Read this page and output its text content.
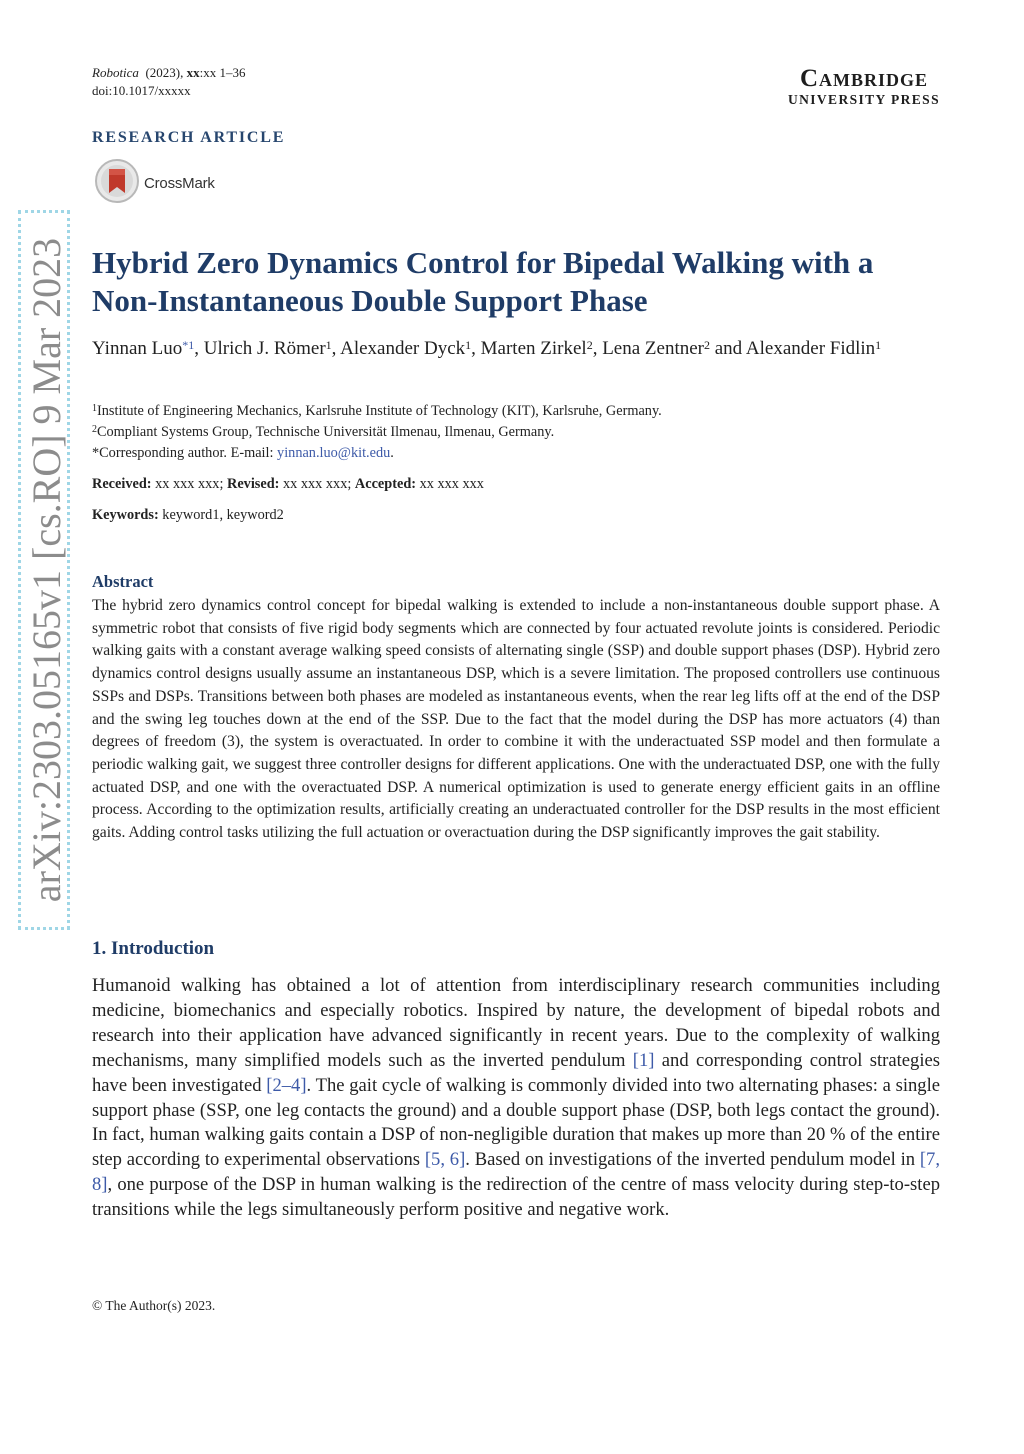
Robotica (2023), xx:xx 1–36
doi:10.1017/xxxxx	Cambridge
UNIVERSITY PRESS
RESEARCH ARTICLE
CrossMark
arXiv:2303.05165v1 [cs.RO] 9 Mar 2023 Hybrid Zero Dynamics Control for Bipedal Walking with a Non-Instantaneous Double Support Phase
Yinnan Luo$^{*1}$, Ulrich J. Römer$^1$, Alexander Dyck$^1$, Marten Zirkel$^2$, Lena Zentner$^2$ and Alexander Fidlin$^1$
$^1$Institute of Engineering Mechanics, Karlsruhe Institute of Technology (KIT), Karlsruhe, Germany.
$^2$Compliant Systems Group, Technische Universität Ilmenau, Ilmenau, Germany.
*Corresponding author. E-mail: yinnan.luo@kit.edu.
Received: xx xxx xxx; Revised: xx xxx xxx; Accepted: xx xxx xxx
Keywords: keyword1, keyword2
Abstract
The hybrid zero dynamics control concept for bipedal walking is extended to include a non-instantaneous double support phase. A symmetric robot that consists of five rigid body segments which are connected by four actuated revolute joints is considered. Periodic walking gaits with a constant average walking speed consists of alternating single (SSP) and double support phases (DSP). Hybrid zero dynamics control designs usually assume an instantaneous DSP, which is a severe limitation. The proposed controllers use continuous SSPs and DSPs. Transitions between both phases are modeled as instantaneous events, when the rear leg lifts off at the end of the DSP and the swing leg touches down at the end of the SSP. Due to the fact that the model during the DSP has more actuators (4) than degrees of freedom (3), the system is overactuated. In order to combine it with the underactuated SSP model and then formulate a periodic walking gait, we suggest three controller designs for different applications. One with the underactuated DSP, one with the fully actuated DSP, and one with the overactuated DSP. A numerical optimization is used to generate energy efficient gaits in an offline process. According to the optimization results, artificially creating an underactuated controller for the DSP results in the most efficient gaits. Adding control tasks utilizing the full actuation or overactuation during the DSP significantly improves the gait stability.
1. Introduction
Humanoid walking has obtained a lot of attention from interdisciplinary research communities including medicine, biomechanics and especially robotics. Inspired by nature, the development of bipedal robots and research into their application have advanced significantly in recent years. Due to the complexity of walking mechanisms, many simplified models such as the inverted pendulum [1] and corresponding control strategies have been investigated [2–4]. The gait cycle of walking is commonly divided into two alternating phases: a single support phase (SSP, one leg contacts the ground) and a double support phase (DSP, both legs contact the ground). In fact, human walking gaits contain a DSP of non-negligible duration that makes up more than 20 % of the entire step according to experimental observations [5, 6]. Based on investigations of the inverted pendulum model in [7, 8], one purpose of the DSP in human walking is the redirection of the centre of mass velocity during step-to-step transitions while the legs simultaneously perform positive and negative work.
© The Author(s) 2023.
